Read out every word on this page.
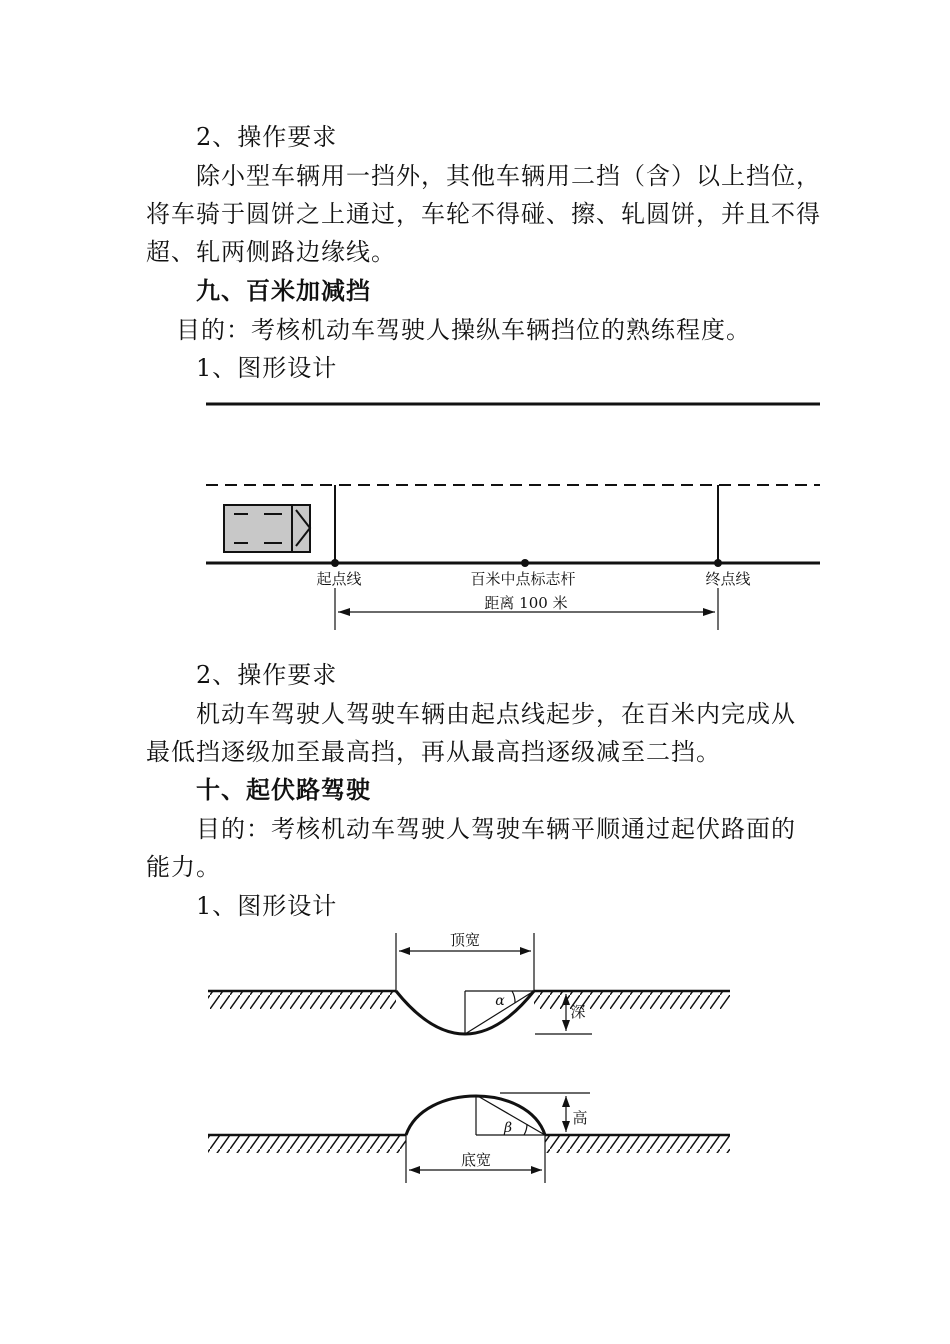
2、操作要求
除小型车辆用一挡外，其他车辆用二挡（含）以上挡位，
将车骑于圆饼之上通过，车轮不得碰、擦、轧圆饼，并且不得
超、轧两侧路边缘线。
九、百米加减挡
目的：考核机动车驾驶人操纵车辆挡位的熟练程度。
1、图形设计
起点线	百米中点标志杆	终点线
距离 100 米
2、操作要求
机动车驾驶人驾驶车辆由起点线起步，在百米内完成从
最低挡逐级加至最高挡，再从最高挡逐级减至二挡。
十、起伏路驾驶
目的：考核机动车驾驶人驾驶车辆平顺通过起伏路面的
能力。
1、图形设计
顶宽
α
深
β
高
底宽
